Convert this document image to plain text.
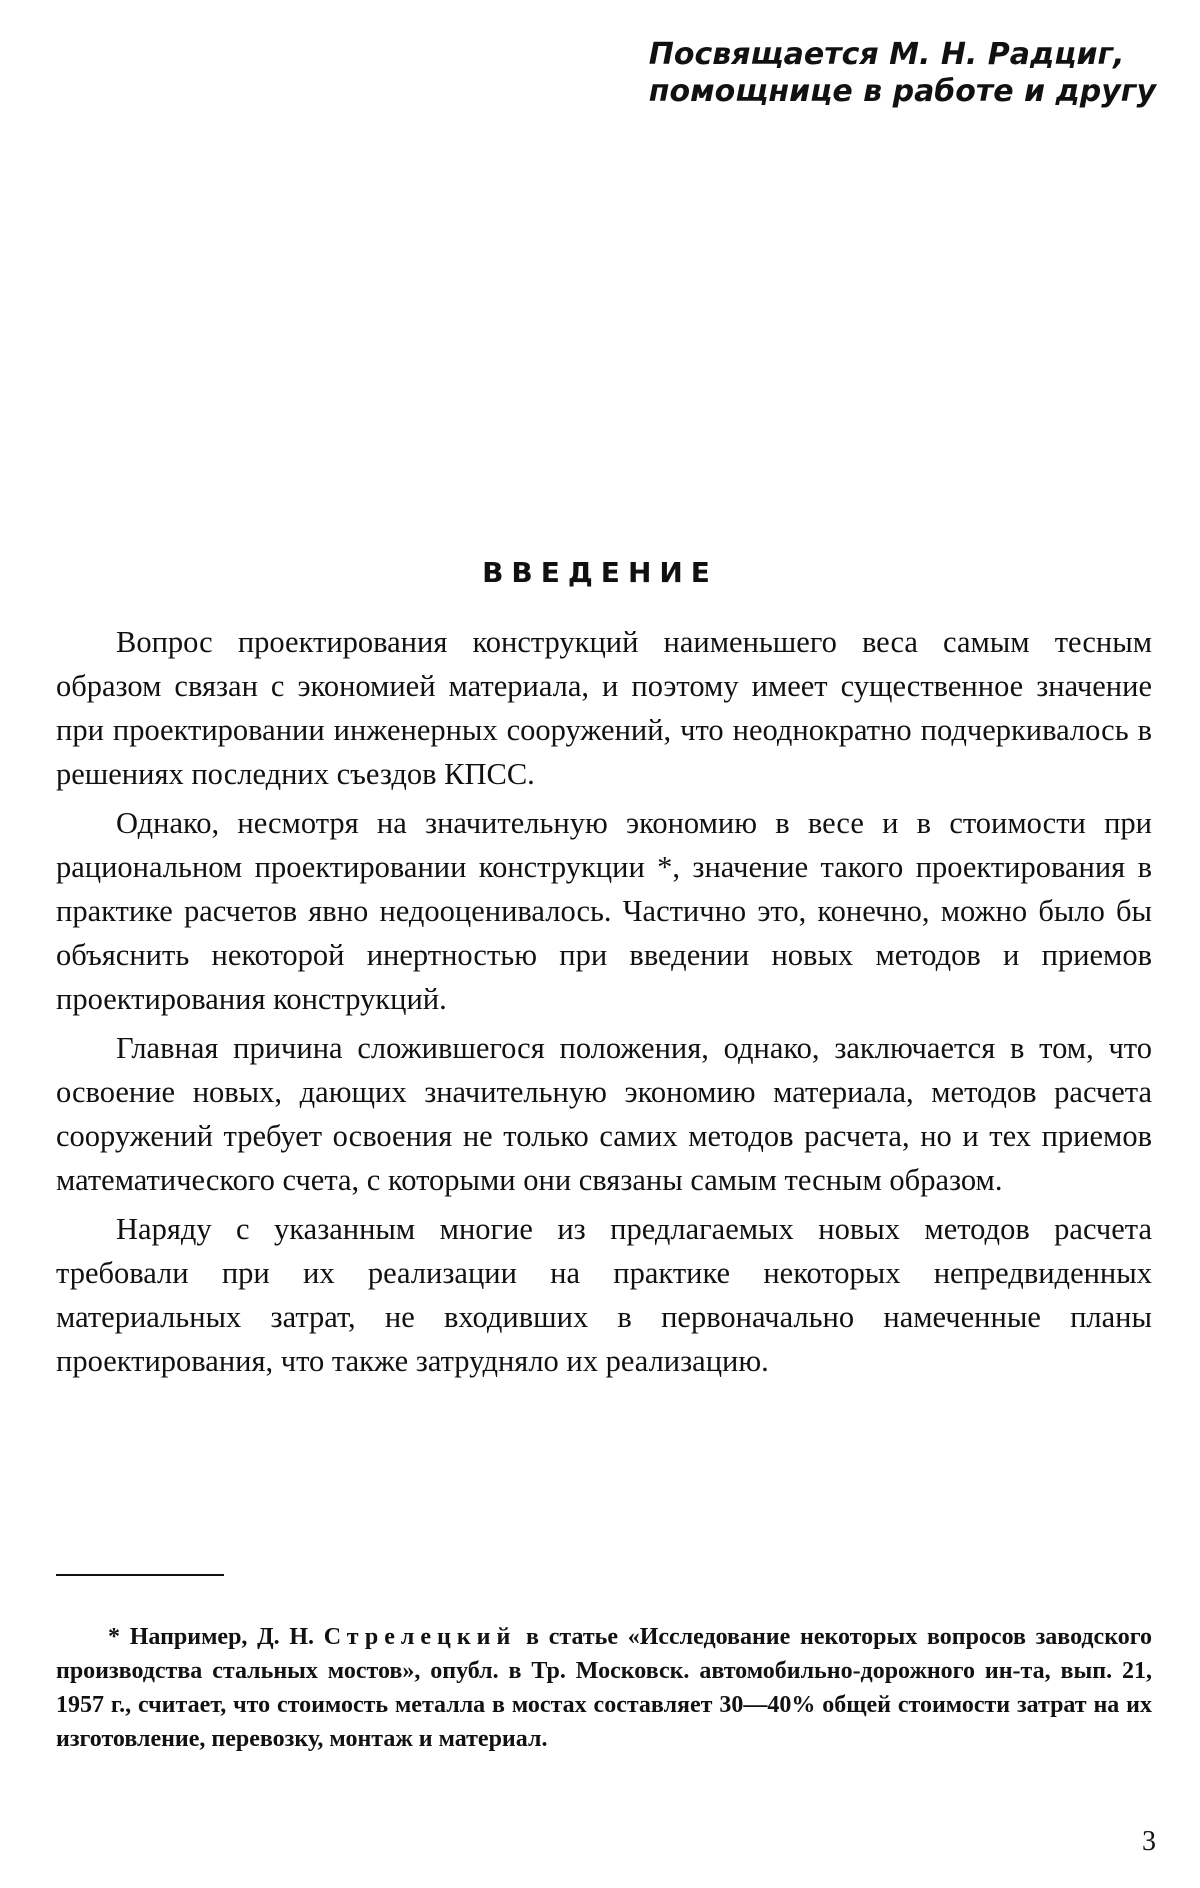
Посвящается М. Н. Радциг,
помощнице в работе и другу
ВВЕДЕНИЕ

Вопрос проектирования конструкций наименьшего веса самым тесным образом связан с экономией материала, и поэтому имеет существенное значение при проектировании инженерных сооружений, что неоднократно подчеркивалось в решениях последних съездов КПСС.

Однако, несмотря на значительную экономию в весе и в стоимости при рациональном проектировании конструкции *, значение такого проектирования в практике расчетов явно недооценивалось. Частично это, конечно, можно было бы объяснить некоторой инертностью при введении новых методов и приемов проектирования конструкций.

Главная причина сложившегося положения, однако, заключается в том, что освоение новых, дающих значительную экономию материала, методов расчета сооружений требует освоения не только самих методов расчета, но и тех приемов математического счета, с которыми они связаны самым тесным образом.

Наряду с указанным многие из предлагаемых новых методов расчета требовали при их реализации на практике некоторых непредвиденных материальных затрат, не входивших в первоначально намеченные планы проектирования, что также затрудняло их реализацию.

* Например, Д. Н. Стрелецкий в статье «Исследование некоторых вопросов заводского производства стальных мостов», опубл. в Тр. Московск. автомобильно-дорожного ин-та, вып. 21, 1957 г., считает, что стоимость металла в мостах составляет 30—40% общей стоимости затрат на их изготовление, перевозку, монтаж и материал.

3
